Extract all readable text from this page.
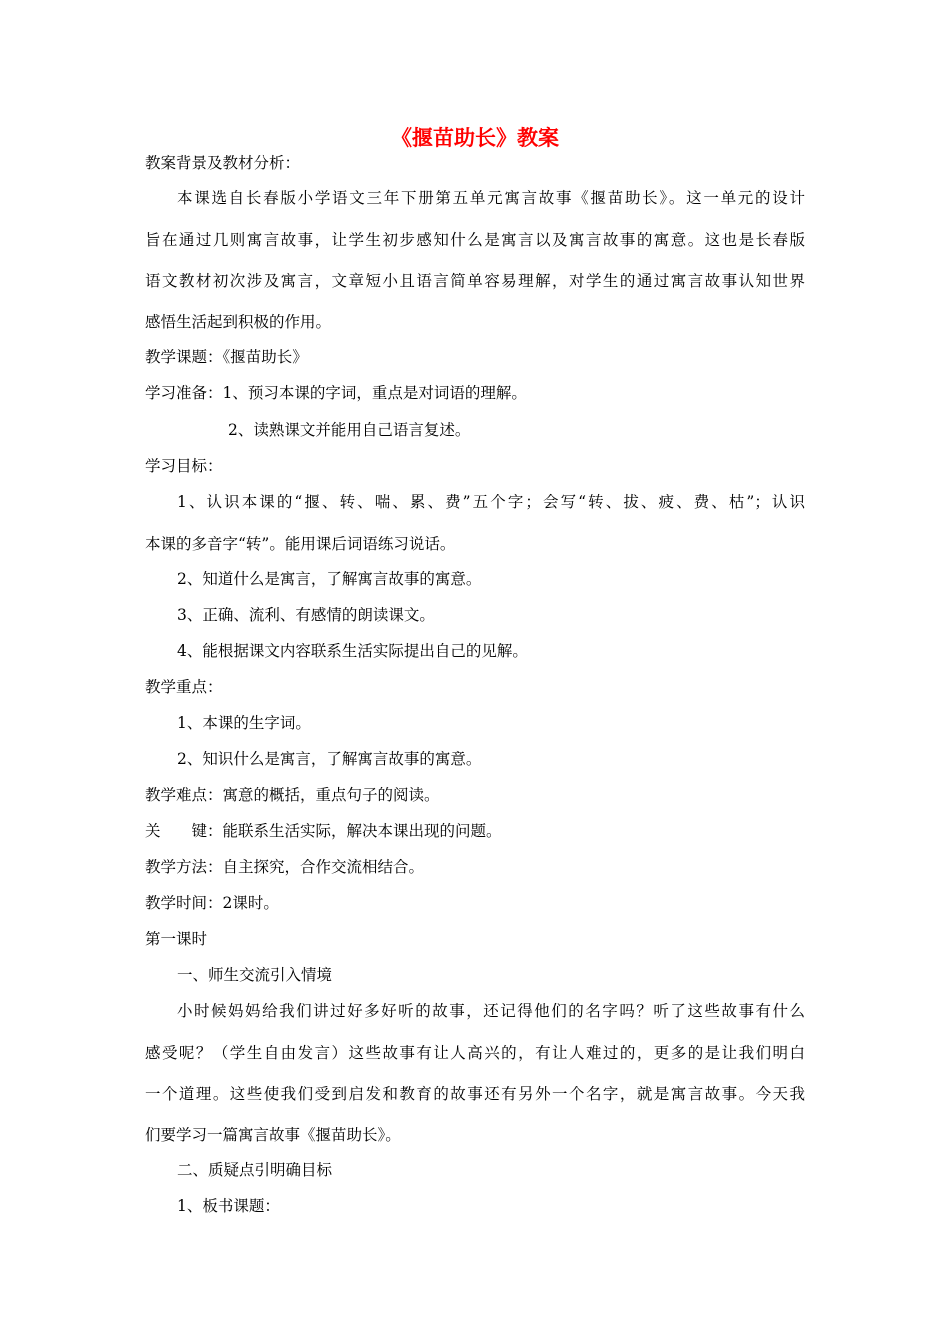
《揠苗助长》教案
教案背景及教材分析：
本课选自长春版小学语文三年下册第五单元寓言故事《揠苗助长》。这一单元的设计
旨在通过几则寓言故事，让学生初步感知什么是寓言以及寓言故事的寓意。这也是长春版
语文教材初次涉及寓言，文章短小且语言简单容易理解，对学生的通过寓言故事认知世界
感悟生活起到积极的作用。
教学课题：《揠苗助长》
学习准备：1、预习本课的字词，重点是对词语的理解。
2、读熟课文并能用自己语言复述。
学习目标：
1、认识本课的“揠、转、喘、累、费”五个字；会写“转、拔、疲、费、枯”；认识
本课的多音字“转”。能用课后词语练习说话。
2、知道什么是寓言，了解寓言故事的寓意。
3、正确、流利、有感情的朗读课文。
4、能根据课文内容联系生活实际提出自己的见解。
教学重点：
1、本课的生字词。
2、知识什么是寓言，了解寓言故事的寓意。
教学难点：寓意的概括，重点句子的阅读。
关　　键：能联系生活实际，解决本课出现的问题。
教学方法：自主探究，合作交流相结合。
教学时间：2课时。
第一课时
一、师生交流引入情境
小时候妈妈给我们讲过好多好听的故事，还记得他们的名字吗？听了这些故事有什么
感受呢？（学生自由发言）这些故事有让人高兴的，有让人难过的，更多的是让我们明白
一个道理。这些使我们受到启发和教育的故事还有另外一个名字，就是寓言故事。今天我
们要学习一篇寓言故事《揠苗助长》。
二、质疑点引明确目标
1、板书课题：
